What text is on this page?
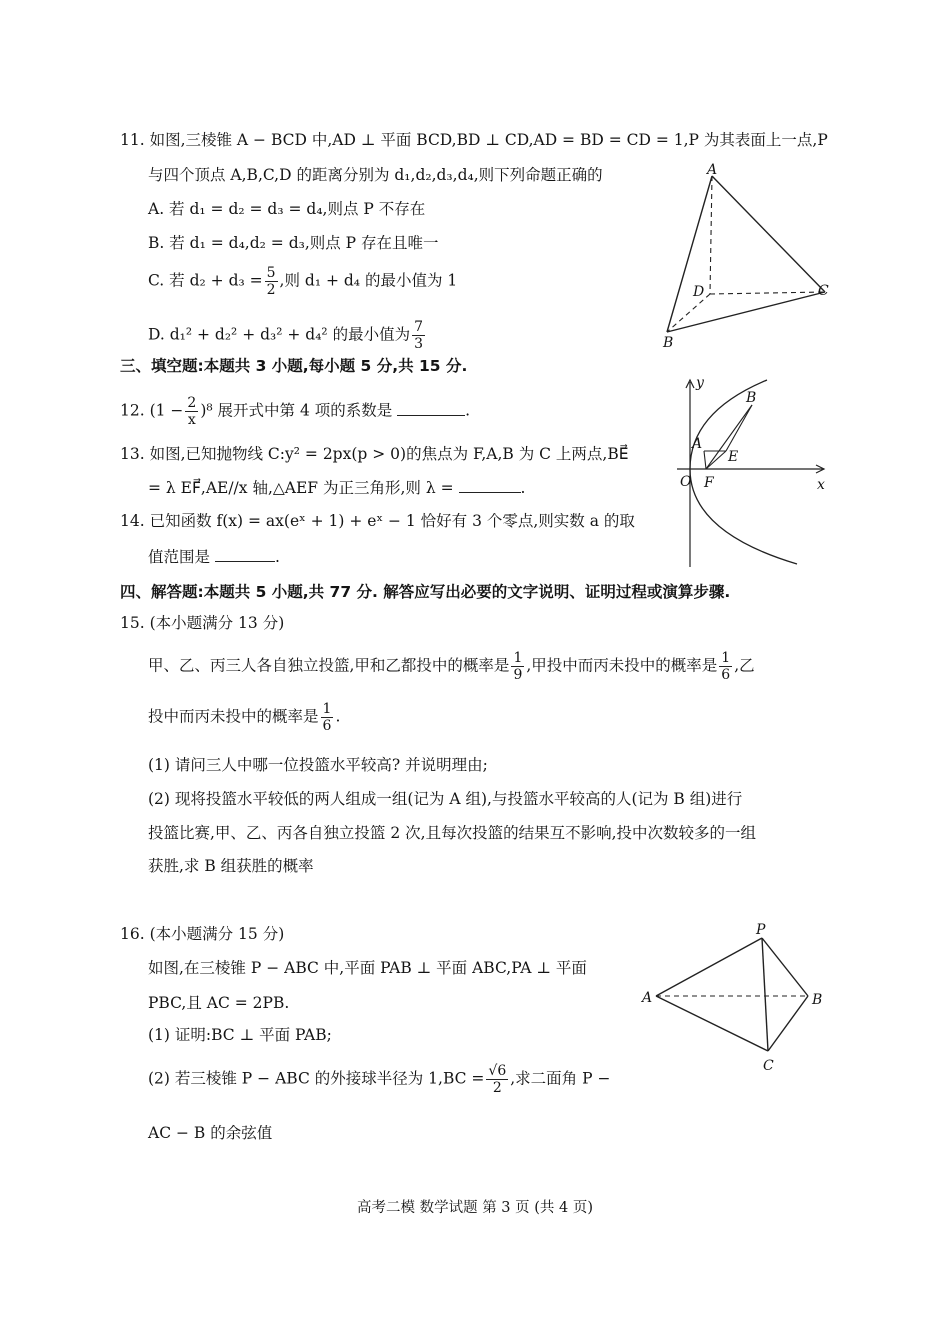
11. 如图,三棱锥 A − BCD 中,AD ⊥ 平面 BCD,BD ⊥ CD,AD = BD = CD = 1,P 为其表面上一点,P
与四个顶点 A,B,C,D 的距离分别为 d₁,d₂,d₃,d₄,则下列命题正确的
A. 若 d₁ = d₂ = d₃ = d₄,则点 P 不存在
B. 若 d₁ = d₄,d₂ = d₃,则点 P 存在且唯一
C. 若 $d_2 + d_3 = \frac{5}{2}$ ,则 d₁ + d₄ 的最小值为 1
D. d₁² + d₂² + d₃² + d₄² 的最小值为 $\frac{7}{3}$
A
D	C
B
三、填空题:本题共 3 小题,每小题 5 分,共 15 分.
12. $(1 - \frac{2}{x} )^8$ 展开式中第 4 项的系数是	.
13. 如图,已知抛物线 C:y² = 2px(p > 0)的焦点为 F,A,B 为 C 上两点,BE⃗
= λ EF⃗,AE//x 轴,△AEF 为正三角形,则 λ =	.
y
B
A
E
O F	x
14. 已知函数 f(x) = ax(eˣ + 1) + eˣ − 1 恰好有 3 个零点,则实数 a 的取
值范围是	.
四、解答题:本题共 5 小题,共 77 分. 解答应写出必要的文字说明、证明过程或演算步骤.
15. (本小题满分 13 分)
甲、乙、丙三人各自独立投篮,甲和乙都投中的概率是 $\frac{1}{9}$ ,甲投中而丙未投中的概率是 $\frac{1}{6}$ ,乙
投中而丙未投中的概率是 $\frac{1}{6}$ .
(1) 请问三人中哪一位投篮水平较高? 并说明理由;
(2) 现将投篮水平较低的两人组成一组(记为 A 组),与投篮水平较高的人(记为 B 组)进行
投篮比赛,甲、乙、丙各自独立投篮 2 次,且每次投篮的结果互不影响,投中次数较多的一组
获胜,求 B 组获胜的概率
16. (本小题满分 15 分)
如图,在三棱锥 P − ABC 中,平面 PAB ⊥ 平面 ABC,PA ⊥ 平面
PBC,且 AC = 2PB.
(1) 证明:BC ⊥ 平面 PAB;
(2) 若三棱锥 P − ABC 的外接球半径为 $1,BC = \frac{√6}{2}$ ,求二面角 P −
AC − B 的余弦值
P
A	B
C
高考二模 数学试题 第 3 页 (共 4 页)
